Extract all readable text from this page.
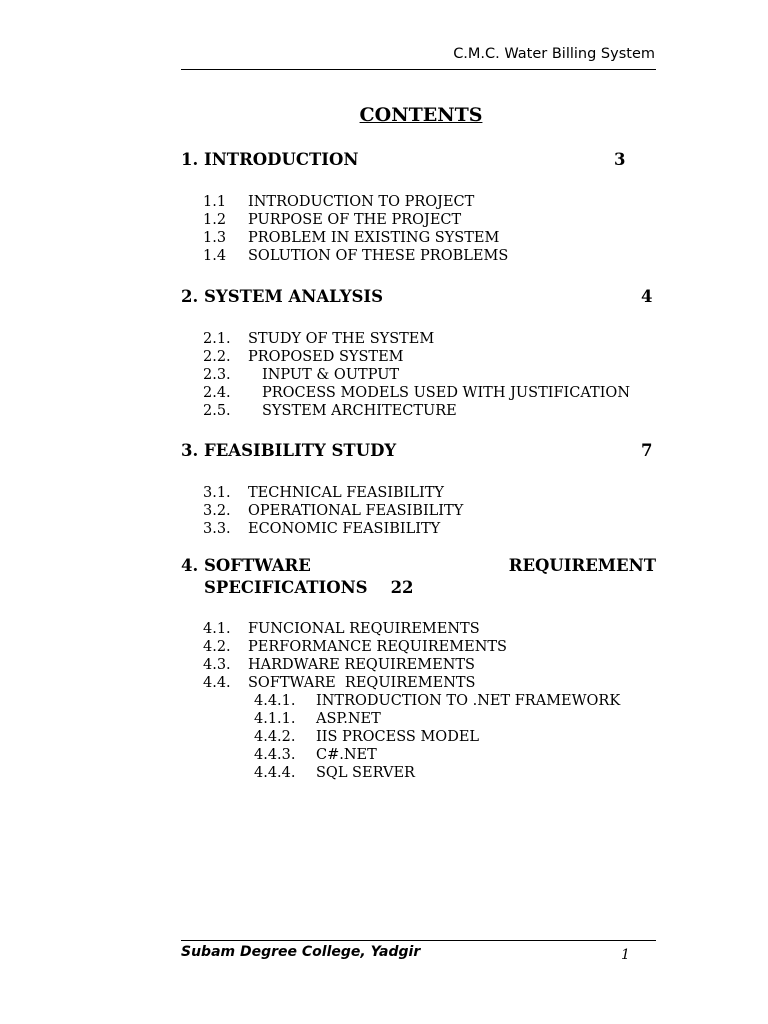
C.M.C. Water Billing System
CONTENTS
1. INTRODUCTION	3
1.1 INTRODUCTION TO PROJECT
1.2 PURPOSE OF THE PROJECT
1.3 PROBLEM IN EXISTING SYSTEM
1.4 SOLUTION OF THESE PROBLEMS
2. SYSTEM ANALYSIS	4
2.1. STUDY OF THE SYSTEM
2.2. PROPOSED SYSTEM
2.3. INPUT & OUTPUT
2.4. PROCESS MODELS USED WITH JUSTIFICATION
2.5. SYSTEM ARCHITECTURE
3. FEASIBILITY STUDY	7
3.1. TECHNICAL FEASIBILITY
3.2. OPERATIONAL FEASIBILITY
3.3. ECONOMIC FEASIBILITY
4. SOFTWARE	REQUIREMENT
SPECIFICATIONS 22
4.1. FUNCIONAL REQUIREMENTS
4.2. PERFORMANCE REQUIREMENTS
4.3. HARDWARE REQUIREMENTS
4.4. SOFTWARE  REQUIREMENTS
4.4.1. INTRODUCTION TO .NET FRAMEWORK
4.1.1. ASP.NET
4.4.2. IIS PROCESS MODEL
4.4.3. C#.NET
4.4.4. SQL SERVER
Subam Degree College, Yadgir	1
